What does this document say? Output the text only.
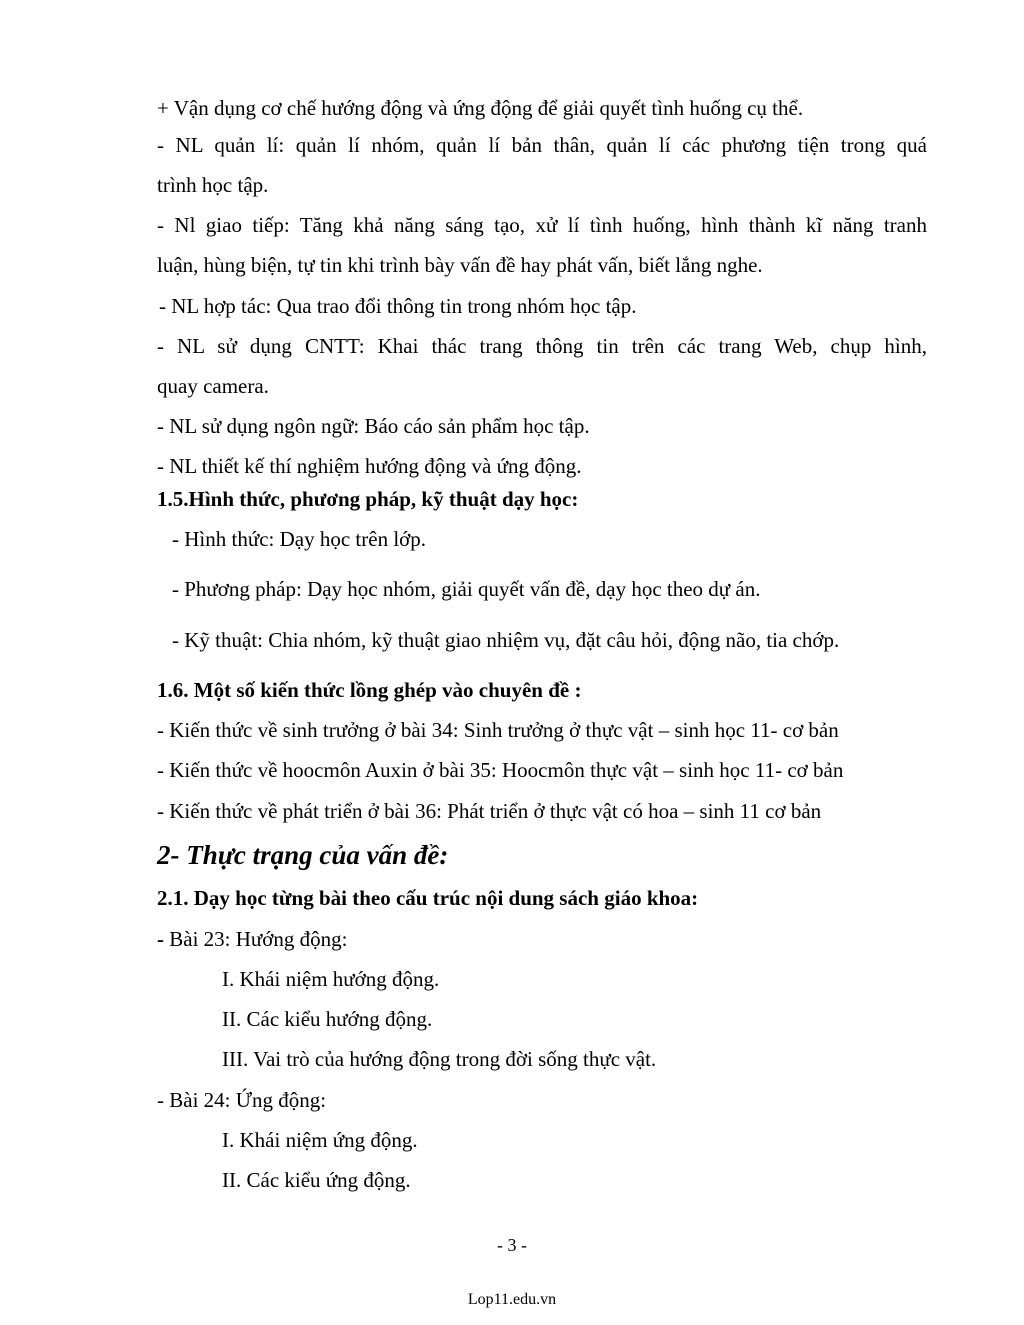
+ Vận dụng cơ chế hướng động và ứng động để giải quyết tình huống cụ thể.

- NL quản lí: quản lí nhóm, quản lí bản thân, quản lí các phương tiện trong quá

trình học tập.

- Nl giao tiếp: Tăng khả năng sáng tạo, xử lí tình huống, hình thành kĩ năng tranh

luận, hùng biện, tự tin khi trình bày vấn đề hay phát vấn, biết lắng nghe.

- NL hợp tác: Qua trao đổi thông tin trong nhóm học tập.

- NL sử dụng CNTT: Khai thác trang thông tin trên các trang Web, chụp hình,

quay camera.

- NL sử dụng ngôn ngữ: Báo cáo sản phẩm học tập.

- NL thiết kế thí nghiệm hướng động và ứng động.

1.5.Hình thức, phương pháp, kỹ thuật dạy học:

- Hình thức: Dạy học trên lớp.

- Phương pháp: Dạy học nhóm, giải quyết vấn đề, dạy học theo dự án.

- Kỹ thuật: Chia nhóm, kỹ thuật giao nhiệm vụ, đặt câu hỏi, động não, tia chớp.

1.6. Một số kiến thức lồng ghép vào chuyên đề :

- Kiến thức về sinh trưởng ở bài 34: Sinh trưởng ở thực vật – sinh học 11- cơ bản

- Kiến thức về hoocmôn Auxin ở bài 35: Hoocmôn thực vật – sinh học 11- cơ bản

- Kiến thức về phát triển ở bài 36: Phát triển ở thực vật có hoa – sinh 11 cơ bản

2- Thực trạng của vấn đề:

2.1. Dạy học từng bài theo cấu trúc nội dung sách giáo khoa:

- Bài 23: Hướng động:

I. Khái niệm hướng động.

II. Các kiểu hướng động.

III. Vai trò của hướng động trong đời sống thực vật.

- Bài 24: Ứng động:

I. Khái niệm ứng động.

II. Các kiểu ứng động.

- 3 -

Lop11.edu.vn
